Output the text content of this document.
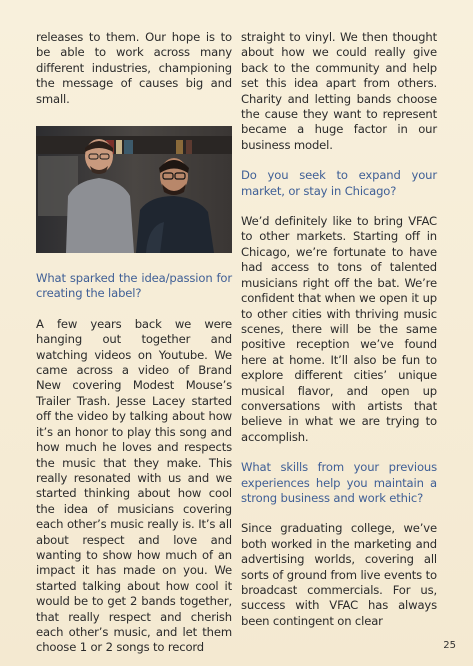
releases to them. Our hope is to be able to work across many different industries, championing the message of causes big and small.

What sparked the idea/passion for creating the label?

A few years back we were hanging out together and watching videos on Youtube. We came across a video of Brand New covering Modest Mouse’s Trailer Trash. Jesse Lacey started off the video by talking about how it’s an honor to play this song and how much he loves and respects the music that they make. This really resonated with us and we started thinking about how cool the idea of musicians covering each other’s music really is. It’s all about respect and love and wanting to show how much of an impact it has made on you. We started talking about how cool it would be to get 2 bands together, that really respect and cherish each other’s music, and let them choose 1 or 2 songs to record

straight to vinyl. We then thought about how we could really give back to the community and help set this idea apart from others. Charity and letting bands choose the cause they want to represent became a huge factor in our business model.

Do you seek to expand your market, or stay in Chicago?

We’d definitely like to bring VFAC to other markets. Starting off in Chicago, we’re fortunate to have had access to tons of talented musicians right off the bat. We’re confident that when we open it up to other cities with thriving music scenes, there will be the same positive reception we’ve found here at home. It’ll also be fun to explore different cities’ unique musical flavor, and open up conversations with artists that believe in what we are trying to accomplish.

What skills from your previous experiences help you maintain a strong business and work ethic?

Since graduating college, we’ve both worked in the marketing and advertising worlds, covering all sorts of ground from live events to broadcast commercials. For us, success with VFAC has always been contingent on clear

25
